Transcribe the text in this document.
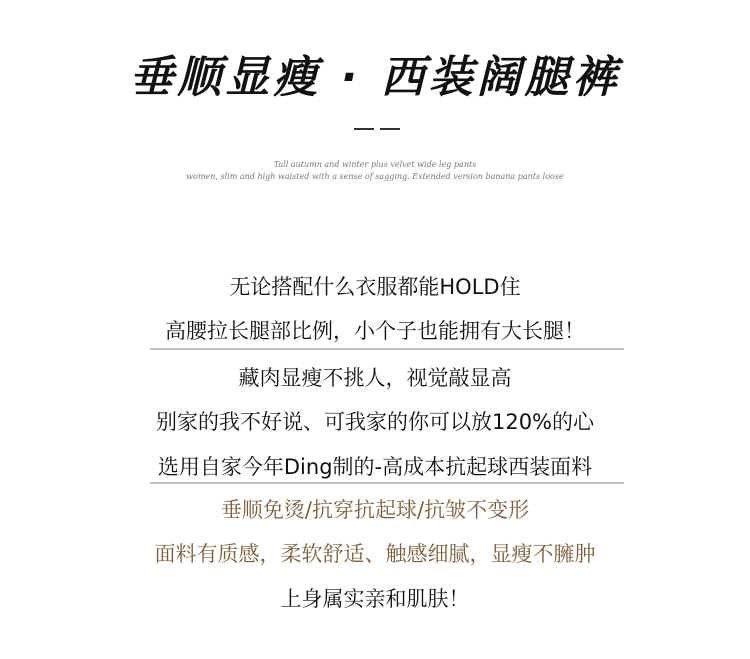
垂顺显瘦 · 西装阔腿裤
Tall autumn and winter plus velvet wide leg pants
women, slim and high waisted with a sense of sagging. Extended version banana pants loose
无论搭配什么衣服都能HOLD住
高腰拉长腿部比例，小个子也能拥有大长腿！
藏肉显瘦不挑人，视觉敲显高
别家的我不好说、可我家的你可以放120%的心
选用自家今年Ding制的-高成本抗起球西装面料
垂顺免烫/抗穿抗起球/抗皱不变形
面料有质感，柔软舒适、触感细腻，显瘦不臃肿
上身属实亲和肌肤！
